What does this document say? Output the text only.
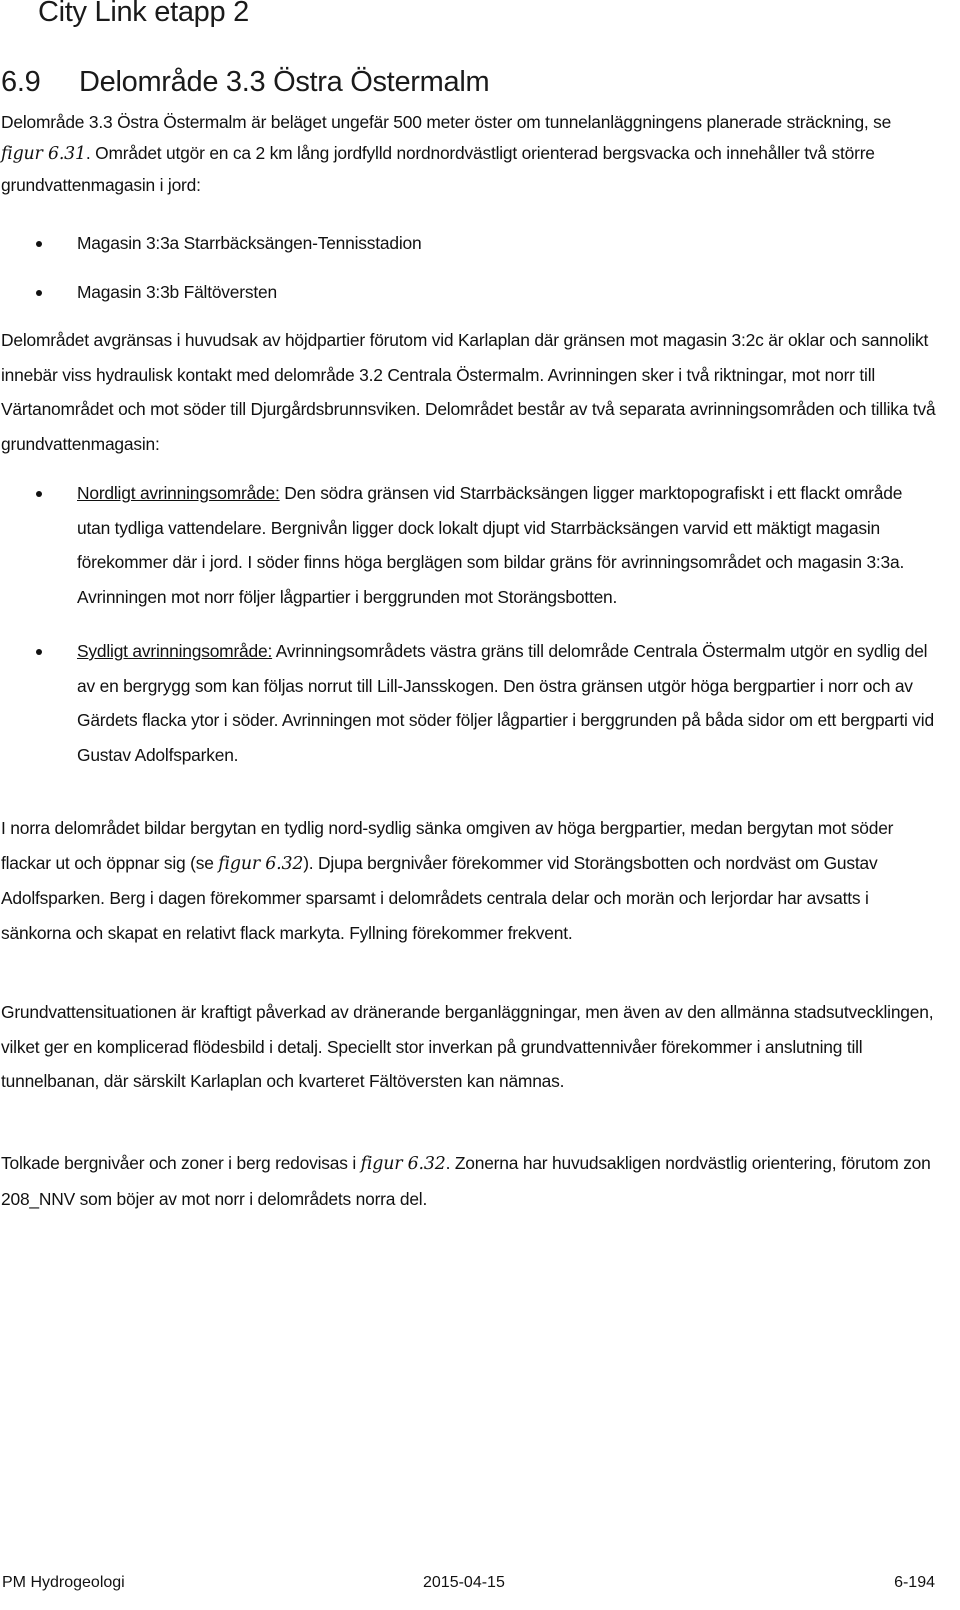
City Link etapp 2
6.9 Delområde 3.3 Östra Östermalm

Delområde 3.3 Östra Östermalm är beläget ungefär 500 meter öster om tunnelanläggningens planerade sträckning, se figur 6.31. Området utgör en ca 2 km lång jordfylld nordnordvästligt orienterad bergsvacka och innehåller två större grundvattenmagasin i jord:

Magasin 3:3a Starrbäcksängen-Tennisstadion
Magasin 3:3b Fältöversten

Delområdet avgränsas i huvudsak av höjdpartier förutom vid Karlaplan där gränsen mot magasin 3:2c är oklar och sannolikt innebär viss hydraulisk kontakt med delområde 3.2 Centrala Östermalm. Avrinningen sker i två riktningar, mot norr till Värtanområdet och mot söder till Djurgårdsbrunnsviken. Delområdet består av två separata avrinningsområden och tillika två grundvattenmagasin:

Nordligt avrinningsområde: Den södra gränsen vid Starrbäcksängen ligger marktopografiskt i ett flackt område utan tydliga vattendelare. Bergnivån ligger dock lokalt djupt vid Starrbäcksängen varvid ett mäktigt magasin förekommer där i jord. I söder finns höga berglägen som bildar gräns för avrinningsområdet och magasin 3:3a. Avrinningen mot norr följer lågpartier i berggrunden mot Storängsbotten.
Sydligt avrinningsområde: Avrinningsområdets västra gräns till delområde Centrala Östermalm utgör en sydlig del av en bergrygg som kan följas norrut till Lill-Jansskogen. Den östra gränsen utgör höga bergpartier i norr och av Gärdets flacka ytor i söder. Avrinningen mot söder följer lågpartier i berggrunden på båda sidor om ett bergparti vid Gustav Adolfsparken.

I norra delområdet bildar bergytan en tydlig nord-sydlig sänka omgiven av höga bergpartier, medan bergytan mot söder flackar ut och öppnar sig (se figur 6.32). Djupa bergnivåer förekommer vid Storängsbotten och nordväst om Gustav Adolfsparken. Berg i dagen förekommer sparsamt i delområdets centrala delar och morän och lerjordar har avsatts i sänkorna och skapat en relativt flack markyta. Fyllning förekommer frekvent.

Grundvattensituationen är kraftigt påverkad av dränerande berganläggningar, men även av den allmänna stadsutvecklingen, vilket ger en komplicerad flödesbild i detalj. Speciellt stor inverkan på grundvattennivåer förekommer i anslutning till tunnelbanan, där särskilt Karlaplan och kvarteret Fältöversten kan nämnas.

Tolkade bergnivåer och zoner i berg redovisas i figur 6.32. Zonerna har huvudsakligen nordvästlig orientering, förutom zon 208_NNV som böjer av mot norr i delområdets norra del.

PM Hydrogeologi	2015-04-15	6-194
